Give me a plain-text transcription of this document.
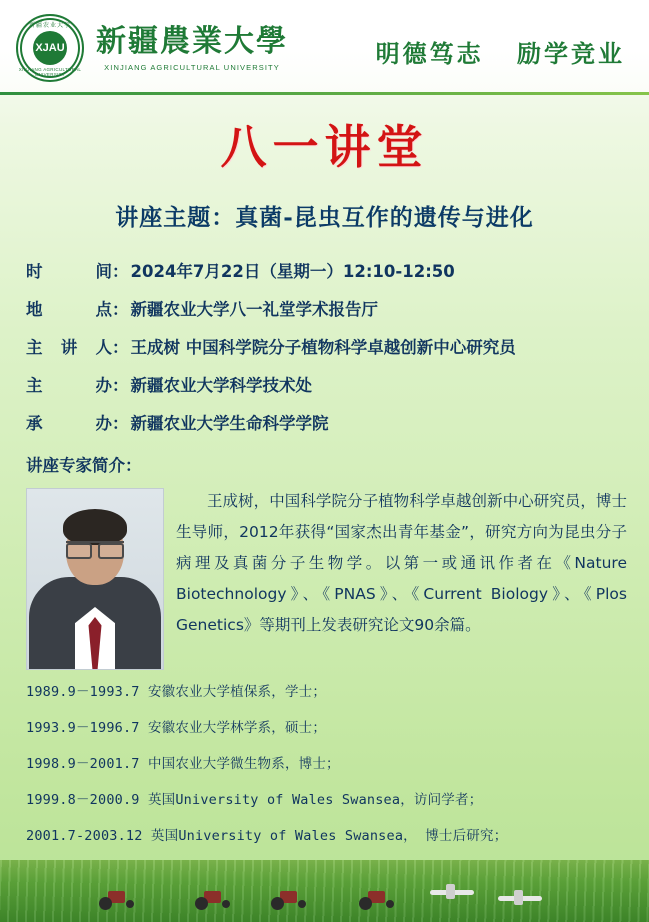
新疆农业大学
XJAU
XINJIANG AGRICULTURAL UNIVERSITY
新疆農業大學
XINJIANG AGRICULTURAL UNIVERSITY	明德笃志 励学竞业
八一讲堂
讲座主题：真菌-昆虫互作的遗传与进化
时	间 ： 2024年7月22日（星期一）12:10-12:50
地	点 ： 新疆农业大学八一礼堂学术报告厅
主 讲 人 ： 王成树 中国科学院分子植物科学卓越创新中心研究员
主	办 ： 新疆农业大学科学技术处
承	办 ： 新疆农业大学生命科学学院
讲座专家简介：
王成树，中国科学院分子植物科学卓越创新中心研究员，博士生导师，2012年获得“国家杰出青年基金”，研究方向为昆虫分子病理及真菌分子生物学。以第一或通讯作者在《Nature Biotechnology》、《PNAS》、《Current Biology》、《Plos Genetics》等期刊上发表研究论文90余篇。
1989.9－1993.7 安徽农业大学植保系，学士；
1993.9－1996.7 安徽农业大学林学系，硕士；
1998.9－2001.7 中国农业大学微生物系，博士；
1999.8－2000.9 英国University of Wales Swansea，访问学者；
2001.7-2003.12 英国University of Wales Swansea， 博士后研究；
